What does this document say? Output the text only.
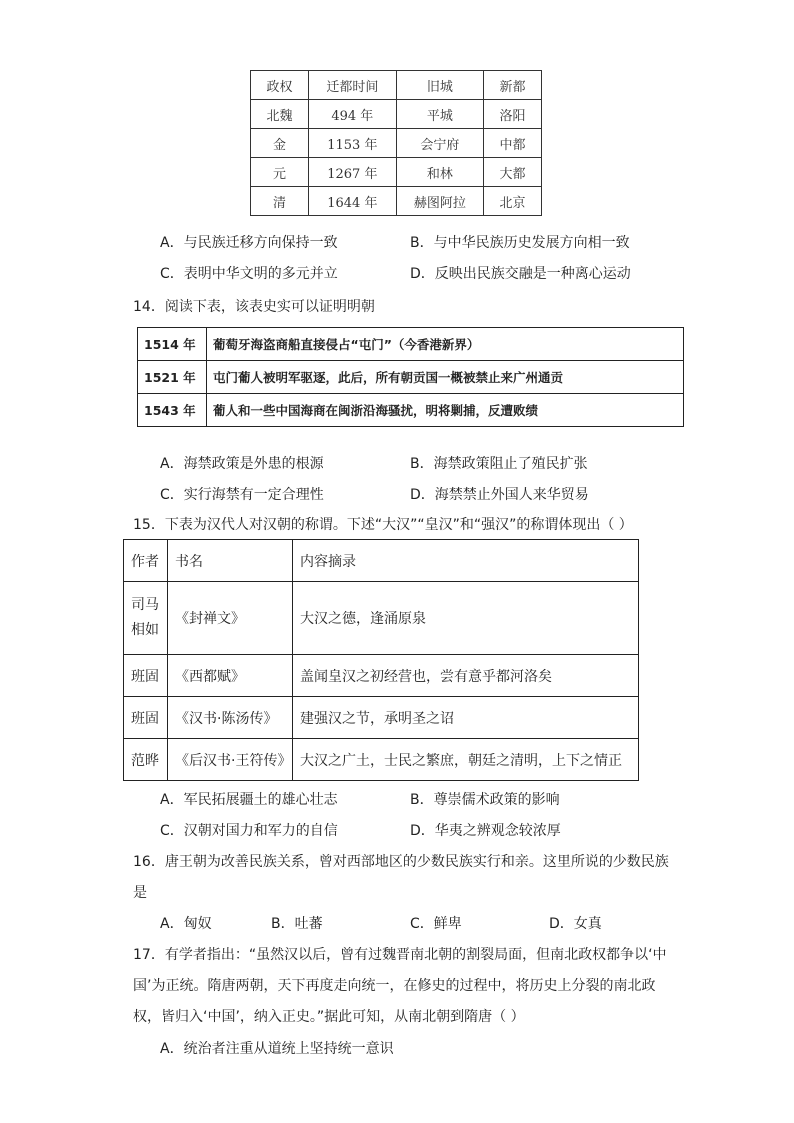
政权	迁都时间	旧城	新都
北魏	494 年	平城	洛阳
金	1153 年	会宁府	中都
元	1267 年	和林	大都
清	1644 年	赫图阿拉	北京
A．与民族迁移方向保持一致	B．与中华民族历史发展方向相一致
C．表明中华文明的多元并立	D．反映出民族交融是一种离心运动
14．阅读下表，该表史实可以证明明朝
1514 年	葡萄牙海盗商船直接侵占“屯门”（今香港新界）
1521 年	屯门葡人被明军驱逐，此后，所有朝贡国一概被禁止来广州通贡
1543 年	葡人和一些中国海商在闽浙沿海骚扰，明将剿捕，反遭败绩
A．海禁政策是外患的根源	B．海禁政策阻止了殖民扩张
C．实行海禁有一定合理性	D．海禁禁止外国人来华贸易
15．下表为汉代人对汉朝的称谓。下述“大汉”“皇汉”和“强汉”的称谓体现出（ ）
作者	书名	内容摘录

司马
相如	《封禅文》	大汉之德，逢涌原泉
班固	《西都赋》	盖闻皇汉之初经营也，尝有意乎都河洛矣
班固	《汉书·陈汤传》	建强汉之节，承明圣之诏
范晔	《后汉书·王符传》	大汉之广土，士民之繁庶，朝廷之清明，上下之情正
A．军民拓展疆土的雄心壮志	B．尊崇儒术政策的影响
C．汉朝对国力和军力的自信	D．华夷之辨观念较浓厚
16．唐王朝为改善民族关系，曾对西部地区的少数民族实行和亲。这里所说的少数民族
是
A．匈奴	B．吐蕃	C．鲜卑	D．女真
17．有学者指出：“虽然汉以后，曾有过魏晋南北朝的割裂局面，但南北政权都争以‘中
国’为正统。隋唐两朝，天下再度走向统一，在修史的过程中，将历史上分裂的南北政
权，皆归入‘中国’，纳入正史。”据此可知，从南北朝到隋唐（ ）
A．统治者注重从道统上坚持统一意识
